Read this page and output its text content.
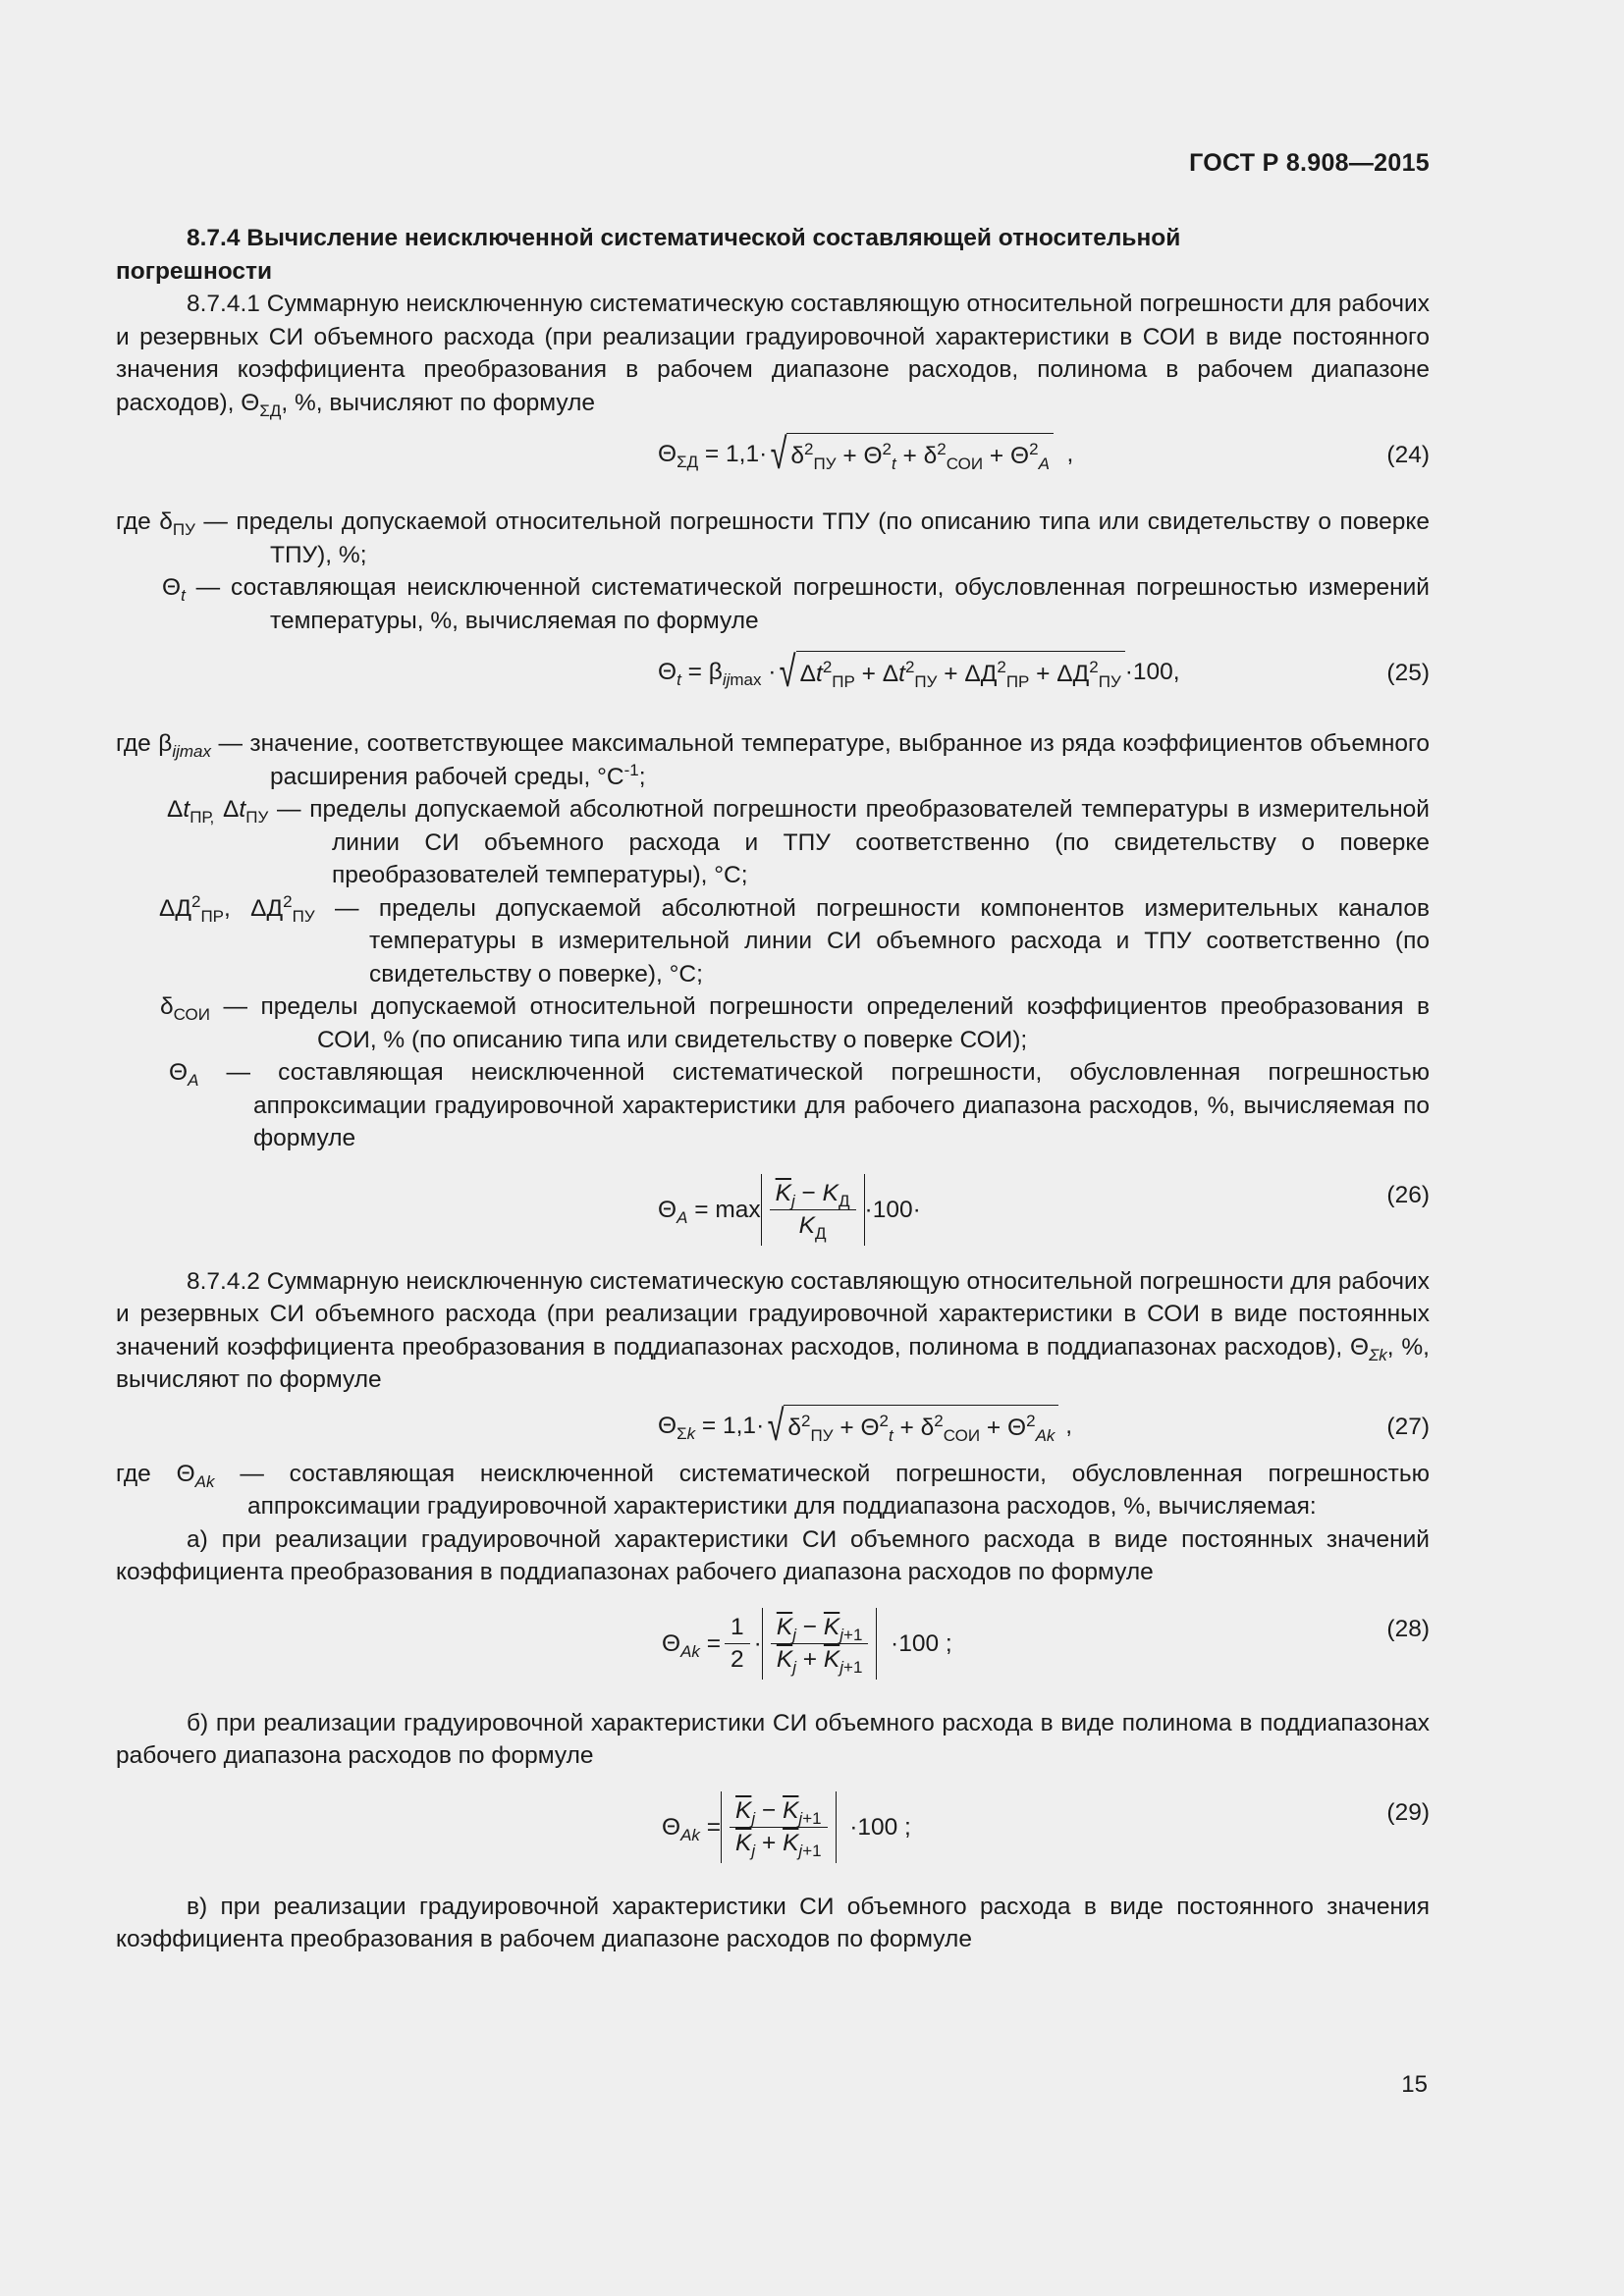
ГОСТ Р 8.908—2015

8.7.4 Вычисление неисключенной систематической составляющей относительной

погрешности

8.7.4.1 Суммарную неисключенную систематическую составляющую относительной погрешности для рабочих и резервных СИ объемного расхода (при реализации градуировочной характеристики в СОИ в виде постоянного значения коэффициента преобразования в рабочем диапазоне расходов, полинома в рабочем диапазоне расходов), $\Theta_{\Sigma Д}$, %, вычисляют по формуле

$\Theta_{\Sigma Д} = 1,1\cdot$ √ $\delta^2_{ПУ} + \Theta^2_t + \delta^2_{СОИ} + \Theta^2_A$ ,	(24)

где $\delta_{ПУ}$ — пределы допускаемой относительной погрешности ТПУ (по описанию типа или свидетельству о поверке ТПУ), %;

$\Theta_t$ — составляющая неисключенной систематической погрешности, обусловленная погрешностью измерений температуры, %, вычисляемая по формуле

$\Theta_t = \beta_{ijmax}$ · √ $\Delta t^2_{ПР} + \Delta t^2_{ПУ} + \Delta Д^2_{ПР} + \Delta Д^2_{ПУ} \cdot 100$,	(25)

где $\beta_{ijmax}$ — значение, соответствующее максимальной температуре, выбранное из ряда коэффициентов объемного расширения рабочей среды, $^\circ С^{-1}$;

$\Delta t_{ПР,}$ $\Delta t_{ПУ}$ — пределы допускаемой абсолютной погрешности преобразователей температуры в измерительной линии СИ объемного расхода и ТПУ соответственно (по свидетельству о поверке преобразователей температуры), °С;

$\Delta Д^2_{ПР}$, $\Delta Д^2_{ПУ}$ — пределы допускаемой абсолютной погрешности компонентов измерительных каналов температуры в измерительной линии СИ объемного расхода и ТПУ соответственно (по свидетельству о поверке), °С;

$\delta_{СОИ}$ — пределы допускаемой относительной погрешности определений коэффициентов преобразования в СОИ, % (по описанию типа или свидетельству о поверке СОИ);

$\Theta_A$ — составляющая неисключенной систематической погрешности, обусловленная погрешностью аппроксимации градуировочной характеристики для рабочего диапазона расходов, %, вычисляемая по формуле

$\Theta_A = \max \frac{\overline{K}_j - K_Д}{K_Д} \cdot 100\cdot$
(26)

8.7.4.2 Суммарную неисключенную систематическую составляющую относительной погрешности для рабочих и резервных СИ объемного расхода (при реализации градуировочной характеристики в СОИ в виде постоянных значений коэффициента преобразования в поддиапазонах расходов, полинома в поддиапазонах расходов), $\Theta_{\Sigma k}$, %, вычисляют по формуле

$\Theta_{\Sigma k} = 1,1\cdot$ √ $\delta^2_{ПУ} + \Theta^2_t + \delta^2_{СОИ} + \Theta^2_{Ak}$ ,	(27)

где $\Theta_{Ak}$ — составляющая неисключенной систематической погрешности, обусловленная погрешностью аппроксимации градуировочной характеристики для поддиапазона расходов, %, вычисляемая:

а) при реализации градуировочной характеристики СИ объемного расхода в виде постоянных значений коэффициента преобразования в поддиапазонах рабочего диапазона расходов по формуле

$\Theta_{Ak} = \frac{1}{2} \cdot \frac{\overline{K}_j - \overline{K}_{j+1}}{\overline{K}_j + \overline{K}_{j+1}}$
·100 ;
(28)

б) при реализации градуировочной характеристики СИ объемного расхода в виде полинома в поддиапазонах рабочего диапазона расходов по формуле

$\Theta_{Ak} = \frac{\overline{K}_j - \overline{K}_{j+1}}{\overline{K}_j + \overline{K}_{j+1}}$
·100 ;
(29)

в) при реализации градуировочной характеристики СИ объемного расхода в виде постоянного значения коэффициента преобразования в рабочем диапазоне расходов по формуле

15
